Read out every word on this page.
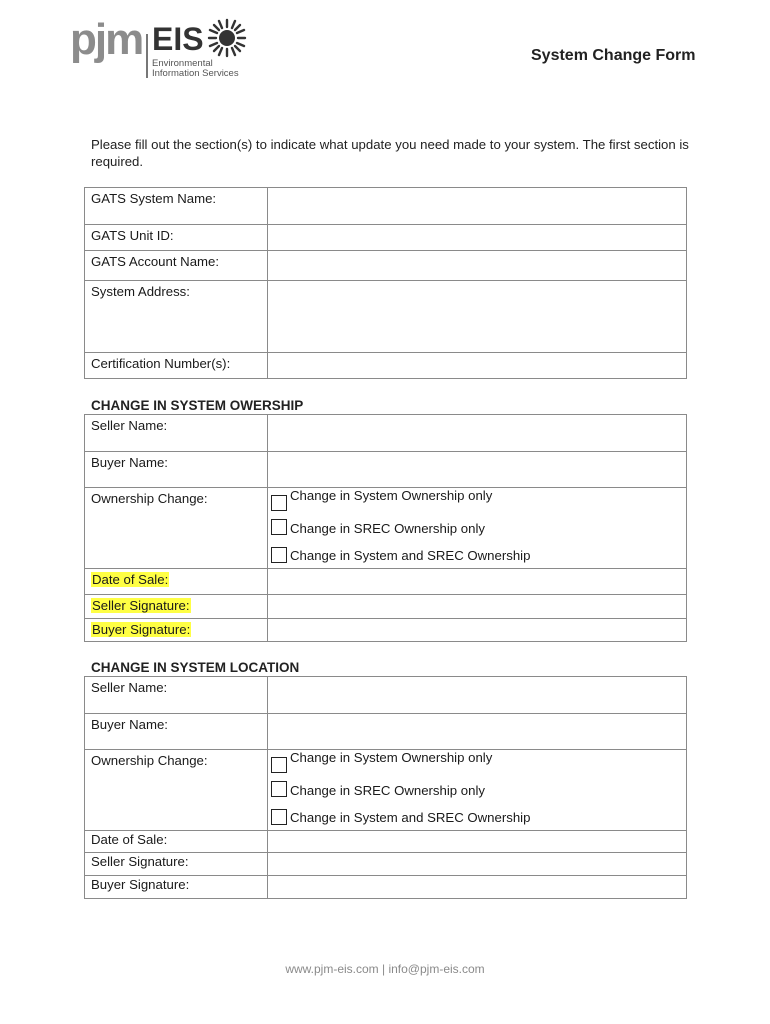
pjm EIS
Environmental
Information Services
System Change Form
Please fill out the section(s) to indicate what update you need made to your system. The first section is required.
GATS System Name:	
GATS Unit ID:	
GATS Account Name:	
System Address:	
Certification Number(s):	
CHANGE IN SYSTEM OWERSHIP
Seller Name:	
Buyer Name:	
Ownership Change:	Change in System Ownership only
Change in SREC Ownership only
Change in System and SREC Ownership

Date of Sale:	
Seller Signature:	
Buyer Signature:	
CHANGE IN SYSTEM LOCATION
Seller Name:	
Buyer Name:	
Ownership Change:	Change in System Ownership only
Change in SREC Ownership only
Change in System and SREC Ownership

Date of Sale:	
Seller Signature:	
Buyer Signature:	
www.pjm-eis.com | info@pjm-eis.com
